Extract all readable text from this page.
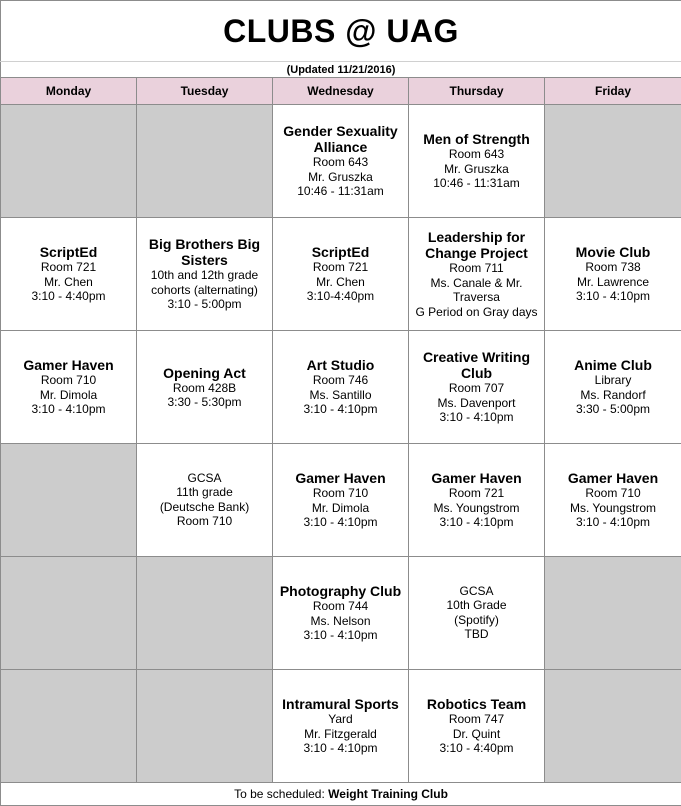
CLUBS @ UAG				
(Updated 11/21/2016)				
Monday	Tuesday	Wednesday	Thursday	Friday

		Gender Sexuality Alliance
Room 643
Mr. Gruszka
10:46 - 11:31am	Men of Strength
Room 643
Mr. Gruszka
10:46 - 11:31am	

ScriptEd
Room 721
Mr. Chen
3:10 - 4:40pm	Big Brothers Big Sisters
10th and 12th grade cohorts (alternating)
3:10 - 5:00pm	ScriptEd
Room 721
Mr. Chen
3:10-4:40pm	Leadership for Change Project
Room 711
Ms. Canale & Mr. Traversa
G Period on Gray days	Movie Club
Room 738
Mr. Lawrence
3:10 - 4:10pm

Gamer Haven
Room 710
Mr. Dimola
3:10 - 4:10pm	Opening Act
Room 428B
3:30 - 5:30pm	Art Studio
Room 746
Ms. Santillo
3:10 - 4:10pm	Creative Writing Club
Room 707
Ms. Davenport
3:10 - 4:10pm	Anime Club
Library
Ms. Randorf
3:30 - 5:00pm

	GCSA
11th grade
(Deutsche Bank)
Room 710	Gamer Haven
Room 710
Mr. Dimola
3:10 - 4:10pm	Gamer Haven
Room 721
Ms. Youngstrom
3:10 - 4:10pm	Gamer Haven
Room 710
Ms. Youngstrom
3:10 - 4:10pm

		Photography Club
Room 744
Ms. Nelson
3:10 - 4:10pm	GCSA
10th Grade
(Spotify)
TBD	

		Intramural Sports
Yard
Mr. Fitzgerald
3:10 - 4:10pm	Robotics Team
Room 747
Dr. Quint
3:10 - 4:40pm	

To be scheduled: Weight Training Club				
